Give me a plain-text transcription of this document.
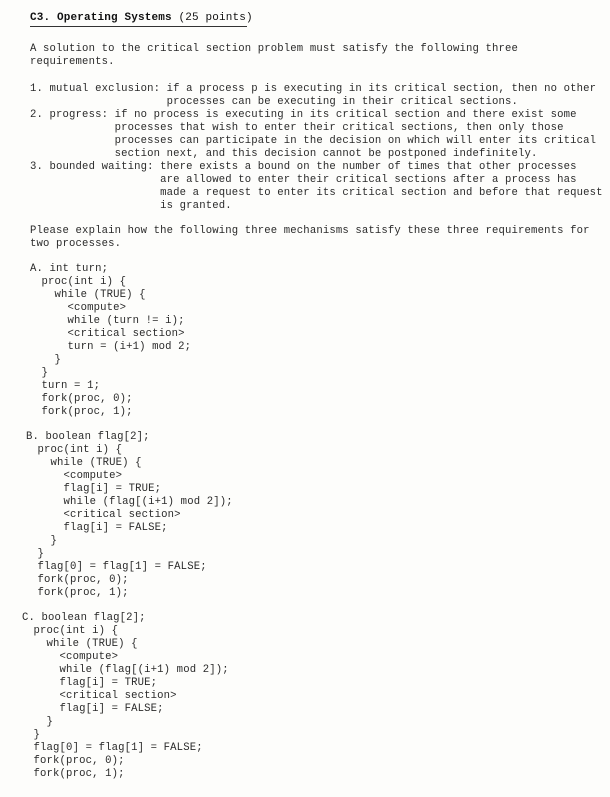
C3. Operating Systems (25 points)
A solution to the critical section problem must satisfy the following three
requirements.
1. mutual exclusion: if a process p is executing in its critical section, then no other
processes can be executing in their critical sections.
2. progress: if no process is executing in its critical section and there exist some
processes that wish to enter their critical sections, then only those
processes can participate in the decision on which will enter its critical
section next, and this decision cannot be postponed indefinitely.
3. bounded waiting: there exists a bound on the number of times that other processes
are allowed to enter their critical sections after a process has
made a request to enter its critical section and before that request
is granted.
Please explain how the following three mechanisms satisfy these three requirements for
two processes.
A. int turn;
proc(int i) {
while (TRUE) {
<compute>
while (turn != i);
<critical section>
turn = (i+1) mod 2;
}
}
turn = 1;
fork(proc, 0);
fork(proc, 1);
B. boolean flag[2];
proc(int i) {
while (TRUE) {
<compute>
flag[i] = TRUE;
while (flag[(i+1) mod 2]);
<critical section>
flag[i] = FALSE;
}
}
flag[0] = flag[1] = FALSE;
fork(proc, 0);
fork(proc, 1);
C. boolean flag[2];
proc(int i) {
while (TRUE) {
<compute>
while (flag[(i+1) mod 2]);
flag[i] = TRUE;
<critical section>
flag[i] = FALSE;
}
}
flag[0] = flag[1] = FALSE;
fork(proc, 0);
fork(proc, 1);
